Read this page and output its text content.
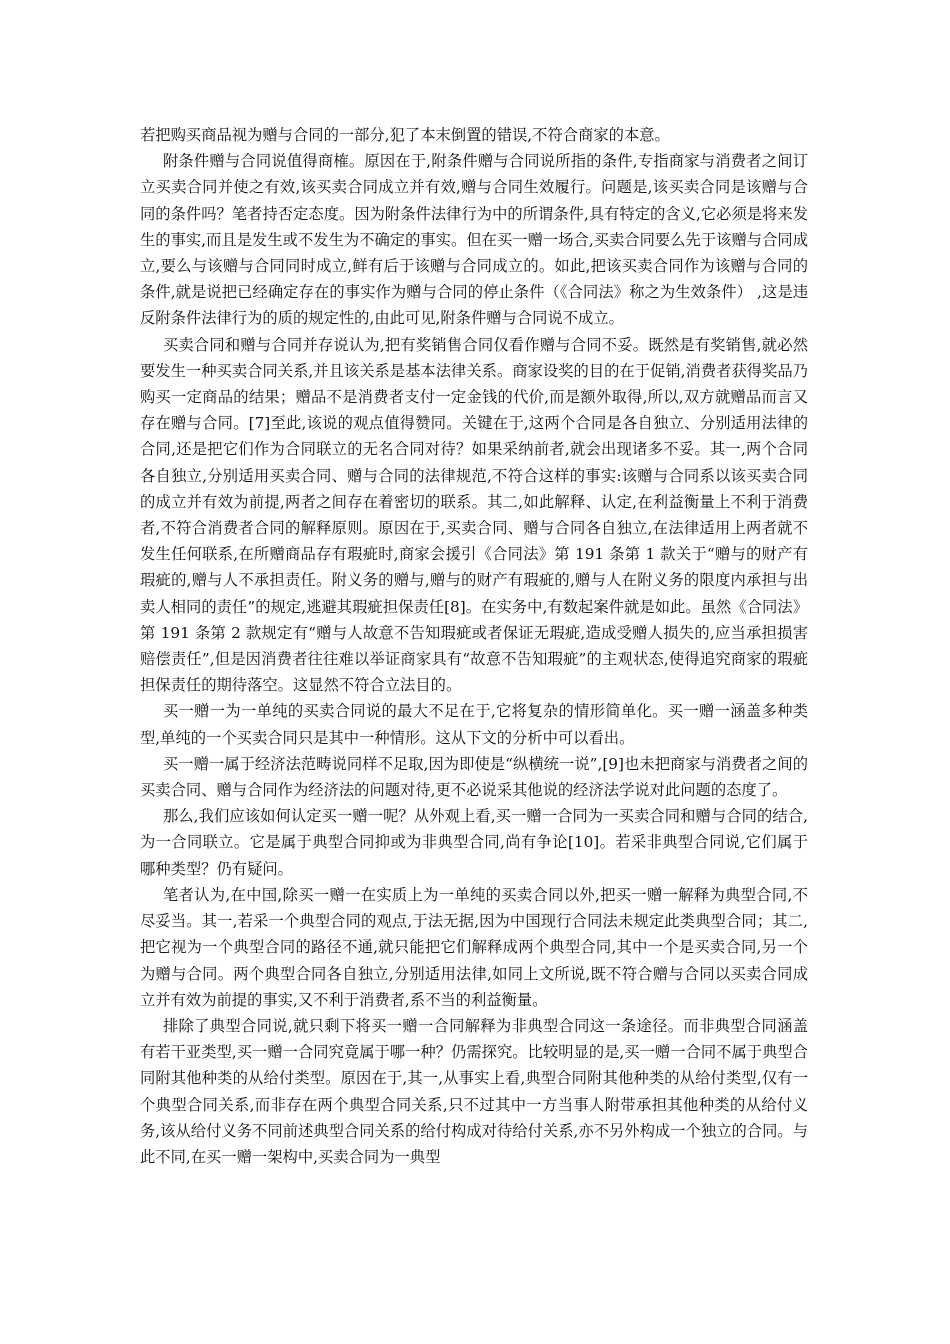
若把购买商品视为赠与合同的一部分,犯了本末倒置的错误,不符合商家的本意。

附条件赠与合同说值得商榷。原因在于,附条件赠与合同说所指的条件,专指商家与消费者之间订立买卖合同并使之有效,该买卖合同成立并有效,赠与合同生效履行。问题是,该买卖合同是该赠与合同的条件吗？笔者持否定态度。因为附条件法律行为中的所谓条件,具有特定的含义,它必须是将来发生的事实,而且是发生或不发生为不确定的事实。但在买一赠一场合,买卖合同要么先于该赠与合同成立,要么与该赠与合同同时成立,鲜有后于该赠与合同成立的。如此,把该买卖合同作为该赠与合同的条件,就是说把已经确定存在的事实作为赠与合同的停止条件（《合同法》称之为生效条件） ,这是违反附条件法律行为的质的规定性的,由此可见,附条件赠与合同说不成立。

买卖合同和赠与合同并存说认为,把有奖销售合同仅看作赠与合同不妥。既然是有奖销售,就必然要发生一种买卖合同关系,并且该关系是基本法律关系。商家设奖的目的在于促销,消费者获得奖品乃购买一定商品的结果；赠品不是消费者支付一定金钱的代价,而是额外取得,所以,双方就赠品而言又存在赠与合同。[7]至此,该说的观点值得赞同。关键在于,这两个合同是各自独立、分别适用法律的合同,还是把它们作为合同联立的无名合同对待？如果采纳前者,就会出现诸多不妥。其一,两个合同各自独立,分别适用买卖合同、赠与合同的法律规范,不符合这样的事实:该赠与合同系以该买卖合同的成立并有效为前提,两者之间存在着密切的联系。其二,如此解释、认定,在利益衡量上不利于消费者,不符合消费者合同的解释原则。原因在于,买卖合同、赠与合同各自独立,在法律适用上两者就不发生任何联系,在所赠商品存有瑕疵时,商家会援引《合同法》第 191 条第 1 款关于“赠与的财产有瑕疵的,赠与人不承担责任。附义务的赠与,赠与的财产有瑕疵的,赠与人在附义务的限度内承担与出卖人相同的责任”的规定,逃避其瑕疵担保责任[8]。在实务中,有数起案件就是如此。虽然《合同法》第 191 条第 2 款规定有“赠与人故意不告知瑕疵或者保证无瑕疵,造成受赠人损失的,应当承担损害赔偿责任”,但是因消费者往往难以举证商家具有“故意不告知瑕疵”的主观状态,使得追究商家的瑕疵担保责任的期待落空。这显然不符合立法目的。

买一赠一为一单纯的买卖合同说的最大不足在于,它将复杂的情形简单化。买一赠一涵盖多种类型,单纯的一个买卖合同只是其中一种情形。这从下文的分析中可以看出。

买一赠一属于经济法范畴说同样不足取,因为即使是“纵横统一说”,[9]也未把商家与消费者之间的买卖合同、赠与合同作为经济法的问题对待,更不必说采其他说的经济法学说对此问题的态度了。

那么,我们应该如何认定买一赠一呢？从外观上看,买一赠一合同为一买卖合同和赠与合同的结合,为一合同联立。它是属于典型合同抑或为非典型合同,尚有争论[10]。若采非典型合同说,它们属于哪种类型？仍有疑问。

笔者认为,在中国,除买一赠一在实质上为一单纯的买卖合同以外,把买一赠一解释为典型合同,不尽妥当。其一,若采一个典型合同的观点,于法无据,因为中国现行合同法未规定此类典型合同；其二,把它视为一个典型合同的路径不通,就只能把它们解释成两个典型合同,其中一个是买卖合同,另一个为赠与合同。两个典型合同各自独立,分别适用法律,如同上文所说,既不符合赠与合同以买卖合同成立并有效为前提的事实,又不利于消费者,系不当的利益衡量。

排除了典型合同说,就只剩下将买一赠一合同解释为非典型合同这一条途径。而非典型合同涵盖有若干亚类型,买一赠一合同究竟属于哪一种？仍需探究。比较明显的是,买一赠一合同不属于典型合同附其他种类的从给付类型。原因在于,其一,从事实上看,典型合同附其他种类的从给付类型,仅有一个典型合同关系,而非存在两个典型合同关系,只不过其中一方当事人附带承担其他种类的从给付义务,该从给付义务不同前述典型合同关系的给付构成对待给付关系,亦不另外构成一个独立的合同。与此不同,在买一赠一架构中,买卖合同为一典型
